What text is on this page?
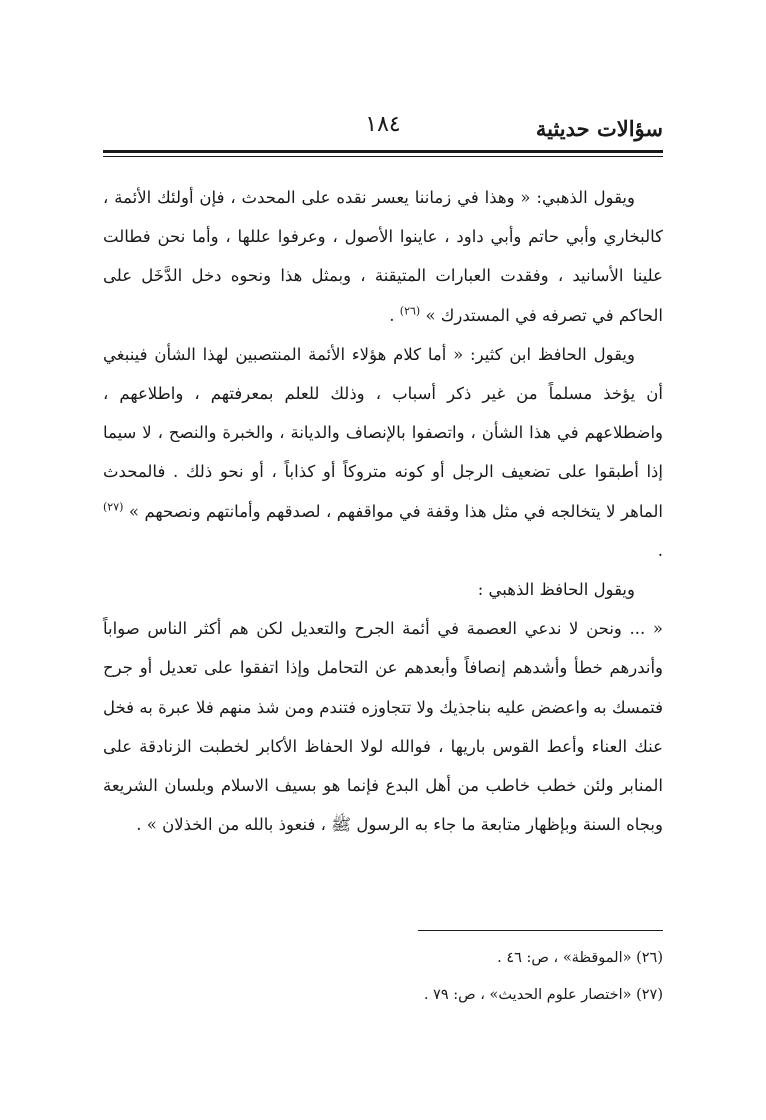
سؤالات حديثية
١٨٤

ويقول الذهبي: « وهذا في زماننا يعسر نقده على المحدث ، فإن أولئك الأئمة ، كالبخاري وأبي حاتم وأبي داود ، عاينوا الأصول ، وعرفوا عللها ، وأما نحن فطالت علينا الأسانيد ، وفقدت العبارات المتيقنة ، وبمثل هذا ونحوه دخل الدَّخَل على الحاكم في تصرفه في المستدرك » $^{(٢٦)}$ .

ويقول الحافظ ابن كثير: « أما كلام هؤلاء الأئمة المنتصبين لهذا الشأن فينبغي أن يؤخذ مسلماً من غير ذكر أسباب ، وذلك للعلم بمعرفتهم ، واطلاعهم ، واضطلاعهم في هذا الشأن ، واتصفوا بالإنصاف والديانة ، والخبرة والنصح ، لا سيما إذا أطبقوا على تضعيف الرجل أو كونه متروكاً أو كذاباً ، أو نحو ذلك . فالمحدث الماهر لا يتخالجه في مثل هذا وقفة في مواقفهم ، لصدقهم وأمانتهم ونصحهم » $^{(٢٧)}$ .

ويقول الحافظ الذهبي :

« ... ونحن لا ندعي العصمة في أئمة الجرح والتعديل لكن هم أكثر الناس صواباً وأندرهم خطأ وأشدهم إنصافاً وأبعدهم عن التحامل وإذا اتفقوا على تعديل أو جرح فتمسك به واعضض عليه بناجذيك ولا تتجاوزه فتندم ومن شذ منهم فلا عبرة به فخل عنك العناء وأعط القوس باريها ، فوالله لولا الحفاظ الأكابر لخطبت الزنادقة على المنابر ولئن خطب خاطب من أهل البدع فإنما هو بسيف الاسلام وبلسان الشريعة وبجاه السنة وبإظهار متابعة ما جاء به الرسول ﷺ ، فنعوذ بالله من الخذلان » .

(٢٦) «الموقظة» ، ص: ٤٦ .
(٢٧) «اختصار علوم الحديث» ، ص: ٧٩ .
